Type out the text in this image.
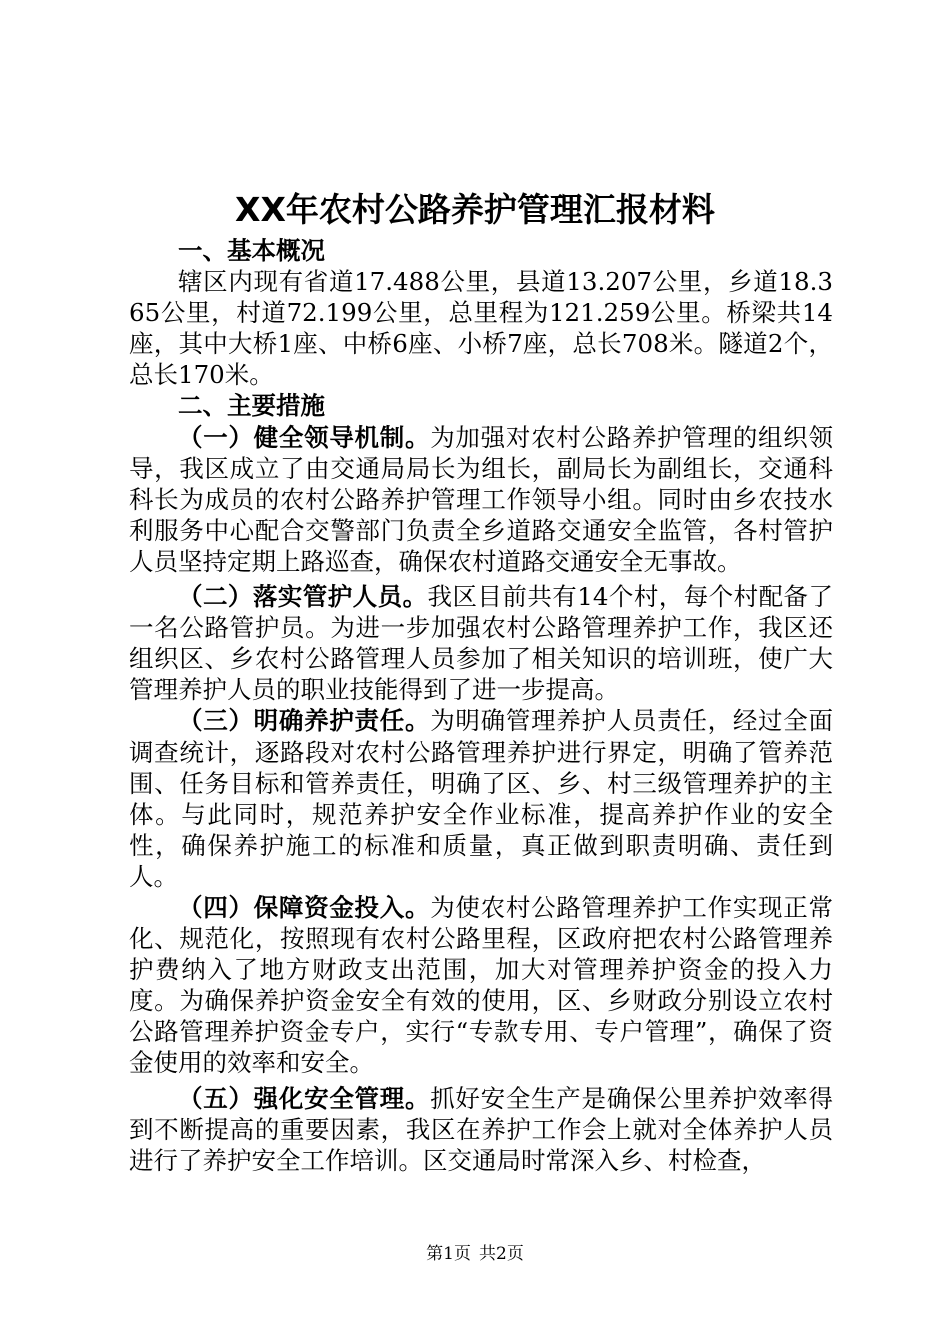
XX年农村公路养护管理汇报材料

一、基本概况

辖区内现有省道17.488公里，县道13.207公里，乡道18.365公里，村道72.199公里，总里程为121.259公里。桥梁共14座，其中大桥1座、中桥6座、小桥7座，总长708米。隧道2个，总长170米。

二、主要措施

（一）健全领导机制。为加强对农村公路养护管理的组织领导，我区成立了由交通局局长为组长，副局长为副组长，交通科科长为成员的农村公路养护管理工作领导小组。同时由乡农技水利服务中心配合交警部门负责全乡道路交通安全监管，各村管护人员坚持定期上路巡查，确保农村道路交通安全无事故。

（二）落实管护人员。我区目前共有14个村，每个村配备了一名公路管护员。为进一步加强农村公路管理养护工作，我区还组织区、乡农村公路管理人员参加了相关知识的培训班，使广大管理养护人员的职业技能得到了进一步提高。

（三）明确养护责任。为明确管理养护人员责任，经过全面调查统计，逐路段对农村公路管理养护进行界定，明确了管养范围、任务目标和管养责任，明确了区、乡、村三级管理养护的主体。与此同时，规范养护安全作业标准，提高养护作业的安全性，确保养护施工的标准和质量，真正做到职责明确、责任到人。

（四）保障资金投入。为使农村公路管理养护工作实现正常化、规范化，按照现有农村公路里程，区政府把农村公路管理养护费纳入了地方财政支出范围，加大对管理养护资金的投入力度。为确保养护资金安全有效的使用，区、乡财政分别设立农村公路管理养护资金专户，实行“专款专用、专户管理”，确保了资金使用的效率和安全。

（五）强化安全管理。抓好安全生产是确保公里养护效率得到不断提高的重要因素，我区在养护工作会上就对全体养护人员进行了养护安全工作培训。区交通局时常深入乡、村检查，

第1页 共2页
